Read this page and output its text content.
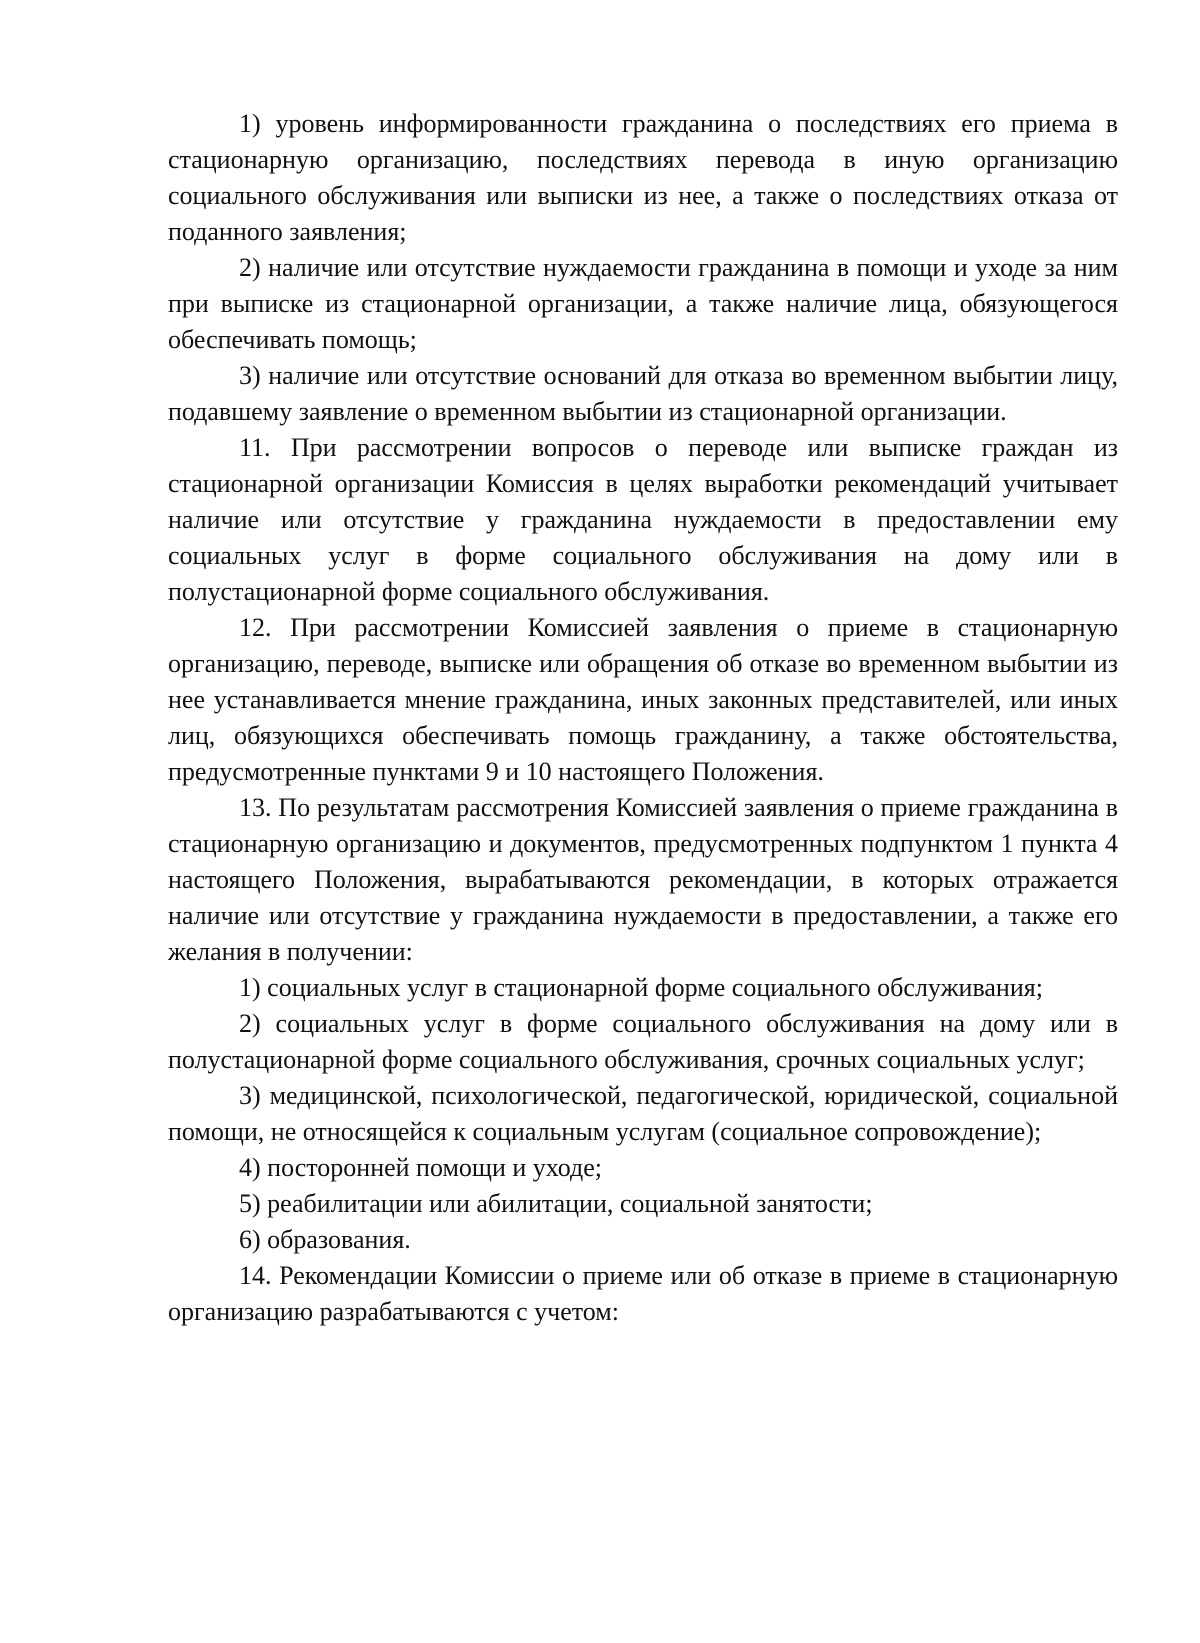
1) уровень информированности гражданина о последствиях его приема в стационарную организацию, последствиях перевода в иную организацию социального обслуживания или выписки из нее, а также о последствиях отказа от поданного заявления;

2) наличие или отсутствие нуждаемости гражданина в помощи и уходе за ним при выписке из стационарной организации, а также наличие лица, обязующегося обеспечивать помощь;

3) наличие или отсутствие оснований для отказа во временном выбытии лицу, подавшему заявление о временном выбытии из стационарной организации.

11. При рассмотрении вопросов о переводе или выписке граждан из стационарной организации Комиссия в целях выработки рекомендаций учитывает наличие или отсутствие у гражданина нуждаемости в предоставлении ему социальных услуг в форме социального обслуживания на дому или в полустационарной форме социального обслуживания.

12. При рассмотрении Комиссией заявления о приеме в стационарную организацию, переводе, выписке или обращения об отказе во временном выбытии из нее устанавливается мнение гражданина, иных законных представителей, или иных лиц, обязующихся обеспечивать помощь гражданину, а также обстоятельства, предусмотренные пунктами 9 и 10 настоящего Положения.

13. По результатам рассмотрения Комиссией заявления о приеме гражданина в стационарную организацию и документов, предусмотренных подпунктом 1 пункта 4 настоящего Положения, вырабатываются рекомендации, в которых отражается наличие или отсутствие у гражданина нуждаемости в предоставлении, а также его желания в получении:

1) социальных услуг в стационарной форме социального обслуживания;

2) социальных услуг в форме социального обслуживания на дому или в полустационарной форме социального обслуживания, срочных социальных услуг;

3) медицинской, психологической, педагогической, юридической, социальной помощи, не относящейся к социальным услугам (социальное сопровождение);

4) посторонней помощи и уходе;

5) реабилитации или абилитации, социальной занятости;

6) образования.

14. Рекомендации Комиссии о приеме или об отказе в приеме в стационарную организацию разрабатываются с учетом:
